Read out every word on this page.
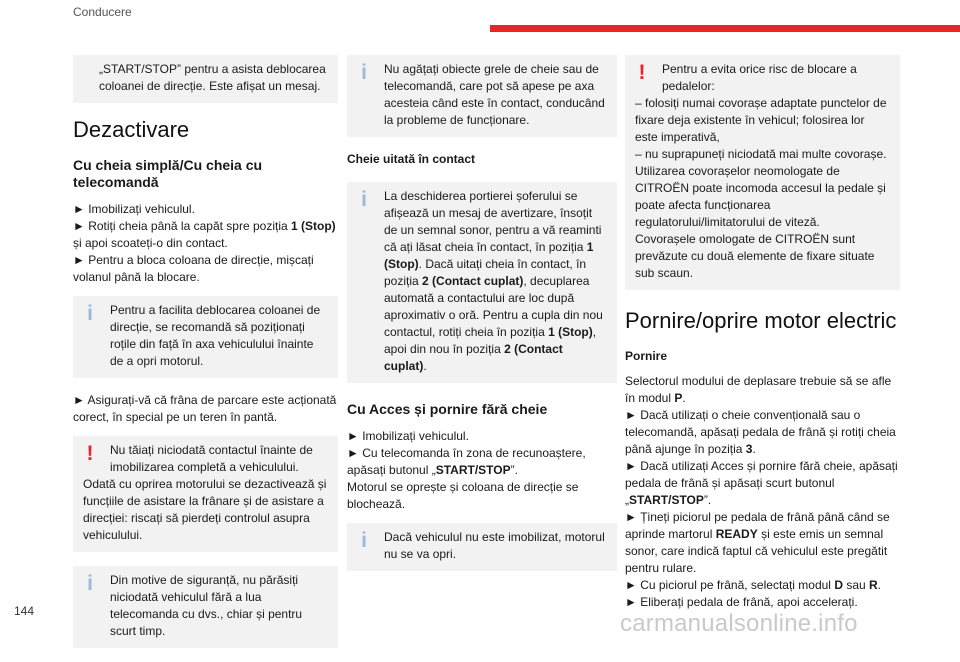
Conducere

„START/STOP” pentru a asista deblocarea coloanei de direcție. Este afișat un mesaj.

Dezactivare
Cu cheia simplă/Cu cheia cu telecomandă

► Imobilizați vehiculul.
► Rotiți cheia până la capăt spre poziția 1 (Stop) și apoi scoateți-o din contact.
► Pentru a bloca coloana de direcție, mișcați volanul până la blocare.

i	Pentru a facilita deblocarea coloanei de direcție, se recomandă să poziționați roțile din față în axa vehiculului înainte de a opri motorul.

► Asigurați-vă că frâna de parcare este acționată corect, în special pe un teren în pantă.

!	Nu tăiați niciodată contactul înainte de imobilizarea completă a vehiculului.

Odată cu oprirea motorului se dezactivează și funcțiile de asistare la frânare și de asistare a direcției: riscați să pierdeți controlul asupra vehiculului.

i	Din motive de siguranță, nu părăsiți niciodată vehiculul fără a lua telecomanda cu dvs., chiar și pentru scurt timp.

i	Nu agățați obiecte grele de cheie sau de telecomandă, care pot să apese pe axa acesteia când este în contact, conducând la probleme de funcționare.

Cheie uitată în contact
i	La deschiderea portierei șoferului se afișează un mesaj de avertizare, însoțit de un semnal sonor, pentru a vă reaminti că ați lăsat cheia în contact, în poziția 1 (Stop). Dacă uitați cheia în contact, în poziția 2 (Contact cuplat), decuplarea automată a contactului are loc după aproximativ o oră. Pentru a cupla din nou contactul, rotiți cheia în poziția 1 (Stop), apoi din nou în poziția 2 (Contact cuplat).

Cu Acces și pornire fără cheie

► Imobilizați vehiculul.
► Cu telecomanda în zona de recunoaștere, apăsați butonul „START/STOP”.
Motorul se oprește și coloana de direcție se blochează.

i	Dacă vehiculul nu este imobilizat, motorul nu se va opri.

!	Pentru a evita orice risc de blocare a pedalelor:

– folosiți numai covorașe adaptate punctelor de fixare deja existente în vehicul; folosirea lor este imperativă,

– nu suprapuneți niciodată mai multe covorașe.

Utilizarea covorașelor neomologate de CITROËN poate incomoda accesul la pedale și poate afecta funcționarea regulatorului/limitatorului de viteză.

Covorașele omologate de CITROËN sunt prevăzute cu două elemente de fixare situate sub scaun.

Pornire/oprire motor electric
Pornire

Selectorul modului de deplasare trebuie să se afle în modul P.
► Dacă utilizați o cheie convențională sau o telecomandă, apăsați pedala de frână și rotiți cheia până ajunge în poziția 3.
► Dacă utilizați Acces și pornire fără cheie, apăsați pedala de frână și apăsați scurt butonul „START/STOP”.
► Țineți piciorul pe pedala de frână până când se aprinde martorul READY și este emis un semnal sonor, care indică faptul că vehiculul este pregătit pentru rulare.
► Cu piciorul pe frână, selectați modul D sau R.
► Eliberați pedala de frână, apoi accelerați.

144	carmanualsonline.info
